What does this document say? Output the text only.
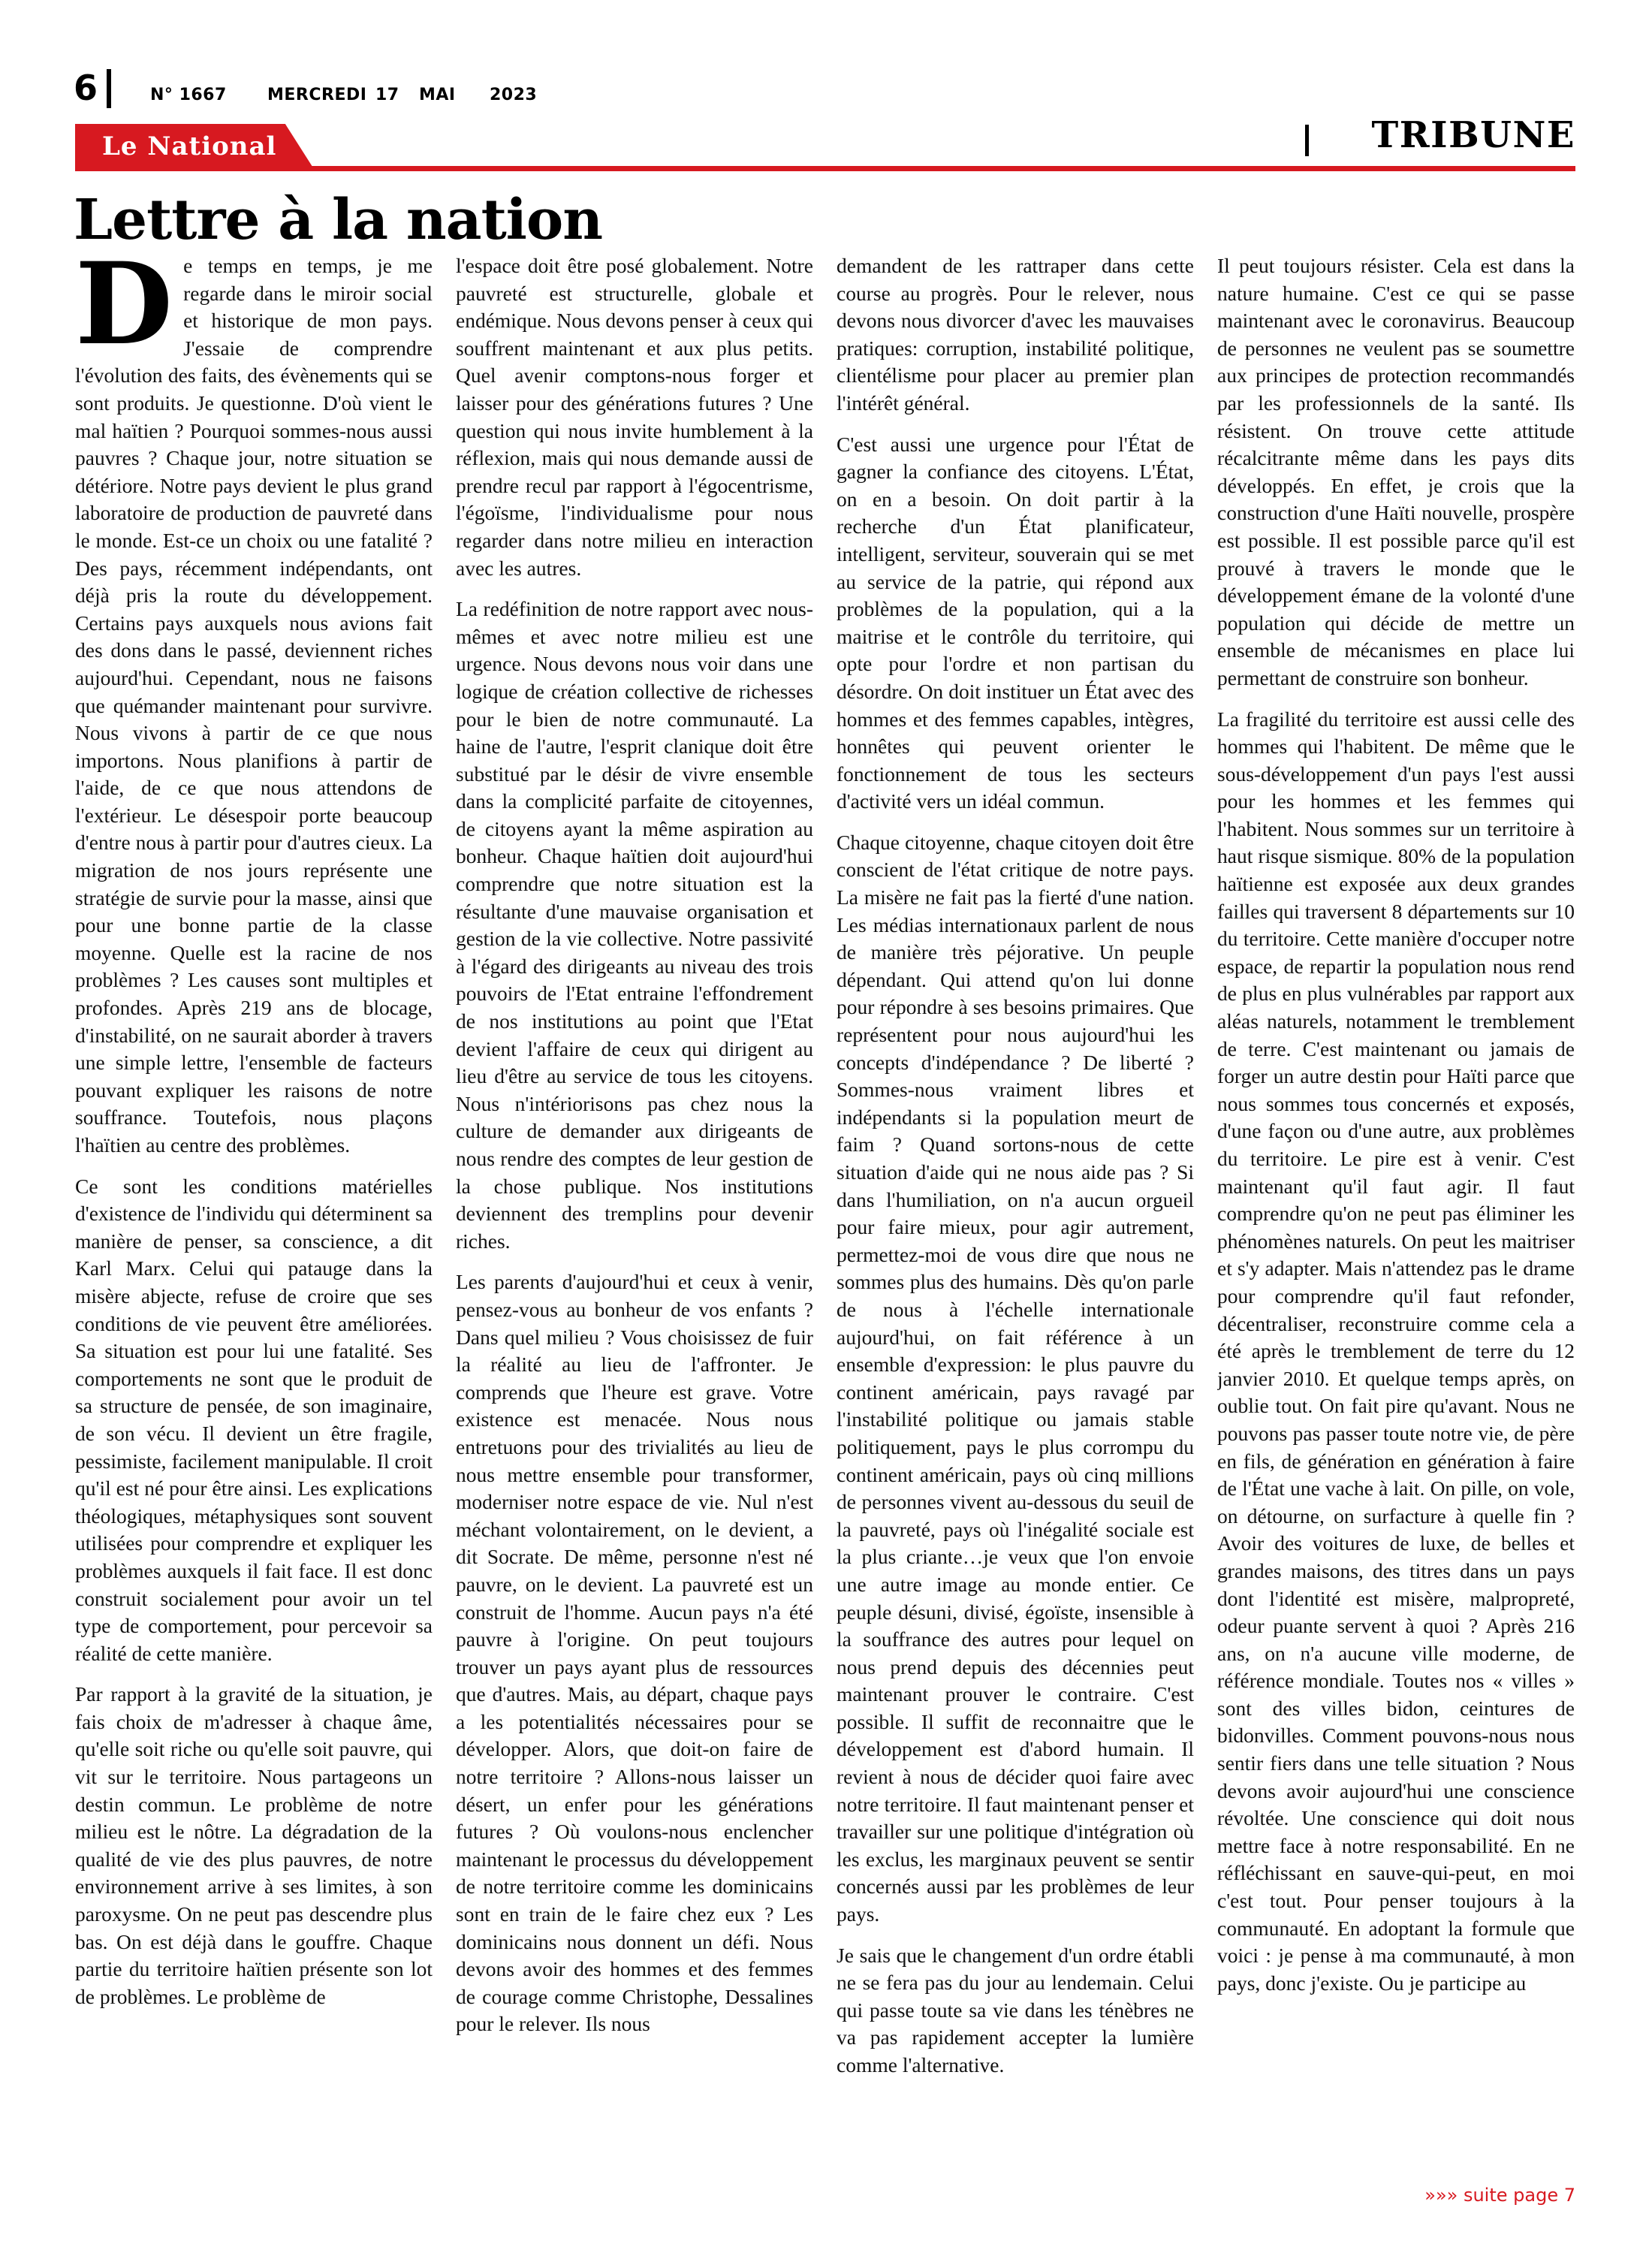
6	N° 1667 MERCREDI 17 MAI 2023
Le National	TRIBUNE
Lettre à la nation

De temps en temps, je me regarde dans le miroir social et historique de mon pays. J'essaie de comprendre l'évolution des faits, des évènements qui se sont produits. Je questionne. D'où vient le mal haïtien ? Pourquoi sommes-nous aussi pauvres ? Chaque jour, notre situation se détériore. Notre pays devient le plus grand laboratoire de production de pauvreté dans le monde. Est-ce un choix ou une fatalité ? Des pays, récemment indépendants, ont déjà pris la route du développement. Certains pays auxquels nous avions fait des dons dans le passé, deviennent riches aujourd'hui. Cependant, nous ne faisons que quémander maintenant pour survivre. Nous vivons à partir de ce que nous importons. Nous planifions à partir de l'aide, de ce que nous attendons de l'extérieur. Le désespoir porte beaucoup d'entre nous à partir pour d'autres cieux. La migration de nos jours représente une stratégie de survie pour la masse, ainsi que pour une bonne partie de la classe moyenne. Quelle est la racine de nos problèmes ? Les causes sont multiples et profondes. Après 219 ans de blocage, d'instabilité, on ne saurait aborder à travers une simple lettre, l'ensemble de facteurs pouvant expliquer les raisons de notre souffrance. Toutefois, nous plaçons l'haïtien au centre des problèmes.

Ce sont les conditions matérielles d'existence de l'individu qui déterminent sa manière de penser, sa conscience, a dit Karl Marx. Celui qui patauge dans la misère abjecte, refuse de croire que ses conditions de vie peuvent être améliorées. Sa situation est pour lui une fatalité. Ses comportements ne sont que le produit de sa structure de pensée, de son imaginaire, de son vécu. Il devient un être fragile, pessimiste, facilement manipulable. Il croit qu'il est né pour être ainsi. Les explications théologiques, métaphysiques sont souvent utilisées pour comprendre et expliquer les problèmes auxquels il fait face. Il est donc construit socialement pour avoir un tel type de comportement, pour percevoir sa réalité de cette manière.

Par rapport à la gravité de la situation, je fais choix de m'adresser à chaque âme, qu'elle soit riche ou qu'elle soit pauvre, qui vit sur le territoire. Nous partageons un destin commun. Le problème de notre milieu est le nôtre. La dégradation de la qualité de vie des plus pauvres, de notre environnement arrive à ses limites, à son paroxysme. On ne peut pas descendre plus bas. On est déjà dans le gouffre. Chaque partie du territoire haïtien présente son lot de problèmes. Le problème de

l'espace doit être posé globalement. Notre pauvreté est structurelle, globale et endémique. Nous devons penser à ceux qui souffrent maintenant et aux plus petits. Quel avenir comptons-nous forger et laisser pour des générations futures ? Une question qui nous invite humblement à la réflexion, mais qui nous demande aussi de prendre recul par rapport à l'égocentrisme, l'égoïsme, l'individualisme pour nous regarder dans notre milieu en interaction avec les autres.

La redéfinition de notre rapport avec nous-mêmes et avec notre milieu est une urgence. Nous devons nous voir dans une logique de création collective de richesses pour le bien de notre communauté. La haine de l'autre, l'esprit clanique doit être substitué par le désir de vivre ensemble dans la complicité parfaite de citoyennes, de citoyens ayant la même aspiration au bonheur. Chaque haïtien doit aujourd'hui comprendre que notre situation est la résultante d'une mauvaise organisation et gestion de la vie collective. Notre passivité à l'égard des dirigeants au niveau des trois pouvoirs de l'Etat entraine l'effondrement de nos institutions au point que l'Etat devient l'affaire de ceux qui dirigent au lieu d'être au service de tous les citoyens. Nous n'intériorisons pas chez nous la culture de demander aux dirigeants de nous rendre des comptes de leur gestion de la chose publique. Nos institutions deviennent des tremplins pour devenir riches.

Les parents d'aujourd'hui et ceux à venir, pensez-vous au bonheur de vos enfants ? Dans quel milieu ? Vous choisissez de fuir la réalité au lieu de l'affronter. Je comprends que l'heure est grave. Votre existence est menacée. Nous nous entretuons pour des trivialités au lieu de nous mettre ensemble pour transformer, moderniser notre espace de vie. Nul n'est méchant volontairement, on le devient, a dit Socrate. De même, personne n'est né pauvre, on le devient. La pauvreté est un construit de l'homme. Aucun pays n'a été pauvre à l'origine. On peut toujours trouver un pays ayant plus de ressources que d'autres. Mais, au départ, chaque pays a les potentialités nécessaires pour se développer. Alors, que doit-on faire de notre territoire ? Allons-nous laisser un désert, un enfer pour les générations futures ? Où voulons-nous enclencher maintenant le processus du développement de notre territoire comme les dominicains sont en train de le faire chez eux ? Les dominicains nous donnent un défi. Nous devons avoir des hommes et des femmes de courage comme Christophe, Dessalines pour le relever. Ils nous

demandent de les rattraper dans cette course au progrès. Pour le relever, nous devons nous divorcer d'avec les mauvaises pratiques: corruption, instabilité politique, clientélisme pour placer au premier plan l'intérêt général.

C'est aussi une urgence pour l'État de gagner la confiance des citoyens. L'État, on en a besoin. On doit partir à la recherche d'un État planificateur, intelligent, serviteur, souverain qui se met au service de la patrie, qui répond aux problèmes de la population, qui a la maitrise et le contrôle du territoire, qui opte pour l'ordre et non partisan du désordre. On doit instituer un État avec des hommes et des femmes capables, intègres, honnêtes qui peuvent orienter le fonctionnement de tous les secteurs d'activité vers un idéal commun.

Chaque citoyenne, chaque citoyen doit être conscient de l'état critique de notre pays. La misère ne fait pas la fierté d'une nation. Les médias internationaux parlent de nous de manière très péjorative. Un peuple dépendant. Qui attend qu'on lui donne pour répondre à ses besoins primaires. Que représentent pour nous aujourd'hui les concepts d'indépendance ? De liberté ? Sommes-nous vraiment libres et indépendants si la population meurt de faim ? Quand sortons-nous de cette situation d'aide qui ne nous aide pas ? Si dans l'humiliation, on n'a aucun orgueil pour faire mieux, pour agir autrement, permettez-moi de vous dire que nous ne sommes plus des humains. Dès qu'on parle de nous à l'échelle internationale aujourd'hui, on fait référence à un ensemble d'expression: le plus pauvre du continent américain, pays ravagé par l'instabilité politique ou jamais stable politiquement, pays le plus corrompu du continent américain, pays où cinq millions de personnes vivent au-dessous du seuil de la pauvreté, pays où l'inégalité sociale est la plus criante…je veux que l'on envoie une autre image au monde entier. Ce peuple désuni, divisé, égoïste, insensible à la souffrance des autres pour lequel on nous prend depuis des décennies peut maintenant prouver le contraire. C'est possible. Il suffit de reconnaitre que le développement est d'abord humain. Il revient à nous de décider quoi faire avec notre territoire. Il faut maintenant penser et travailler sur une politique d'intégration où les exclus, les marginaux peuvent se sentir concernés aussi par les problèmes de leur pays.

Je sais que le changement d'un ordre établi ne se fera pas du jour au lendemain. Celui qui passe toute sa vie dans les ténèbres ne va pas rapidement accepter la lumière comme l'alternative.

Il peut toujours résister. Cela est dans la nature humaine. C'est ce qui se passe maintenant avec le coronavirus. Beaucoup de personnes ne veulent pas se soumettre aux principes de protection recommandés par les professionnels de la santé. Ils résistent. On trouve cette attitude récalcitrante même dans les pays dits développés. En effet, je crois que la construction d'une Haïti nouvelle, prospère est possible. Il est possible parce qu'il est prouvé à travers le monde que le développement émane de la volonté d'une population qui décide de mettre un ensemble de mécanismes en place lui permettant de construire son bonheur.

La fragilité du territoire est aussi celle des hommes qui l'habitent. De même que le sous-développement d'un pays l'est aussi pour les hommes et les femmes qui l'habitent. Nous sommes sur un territoire à haut risque sismique. 80% de la population haïtienne est exposée aux deux grandes failles qui traversent 8 départements sur 10 du territoire. Cette manière d'occuper notre espace, de repartir la population nous rend de plus en plus vulnérables par rapport aux aléas naturels, notamment le tremblement de terre. C'est maintenant ou jamais de forger un autre destin pour Haïti parce que nous sommes tous concernés et exposés, d'une façon ou d'une autre, aux problèmes du territoire. Le pire est à venir. C'est maintenant qu'il faut agir. Il faut comprendre qu'on ne peut pas éliminer les phénomènes naturels. On peut les maitriser et s'y adapter. Mais n'attendez pas le drame pour comprendre qu'il faut refonder, décentraliser, reconstruire comme cela a été après le tremblement de terre du 12 janvier 2010. Et quelque temps après, on oublie tout. On fait pire qu'avant. Nous ne pouvons pas passer toute notre vie, de père en fils, de génération en génération à faire de l'État une vache à lait. On pille, on vole, on détourne, on surfacture à quelle fin ? Avoir des voitures de luxe, de belles et grandes maisons, des titres dans un pays dont l'identité est misère, malpropreté, odeur puante servent à quoi ? Après 216 ans, on n'a aucune ville moderne, de référence mondiale. Toutes nos « villes » sont des villes bidon, ceintures de bidonvilles. Comment pouvons-nous nous sentir fiers dans une telle situation ? Nous devons avoir aujourd'hui une conscience révoltée. Une conscience qui doit nous mettre face à notre responsabilité. En ne réfléchissant en sauve-qui-peut, en moi c'est tout. Pour penser toujours à la communauté. En adoptant la formule que voici : je pense à ma communauté, à mon pays, donc j'existe. Ou je participe au

»»» suite page 7
